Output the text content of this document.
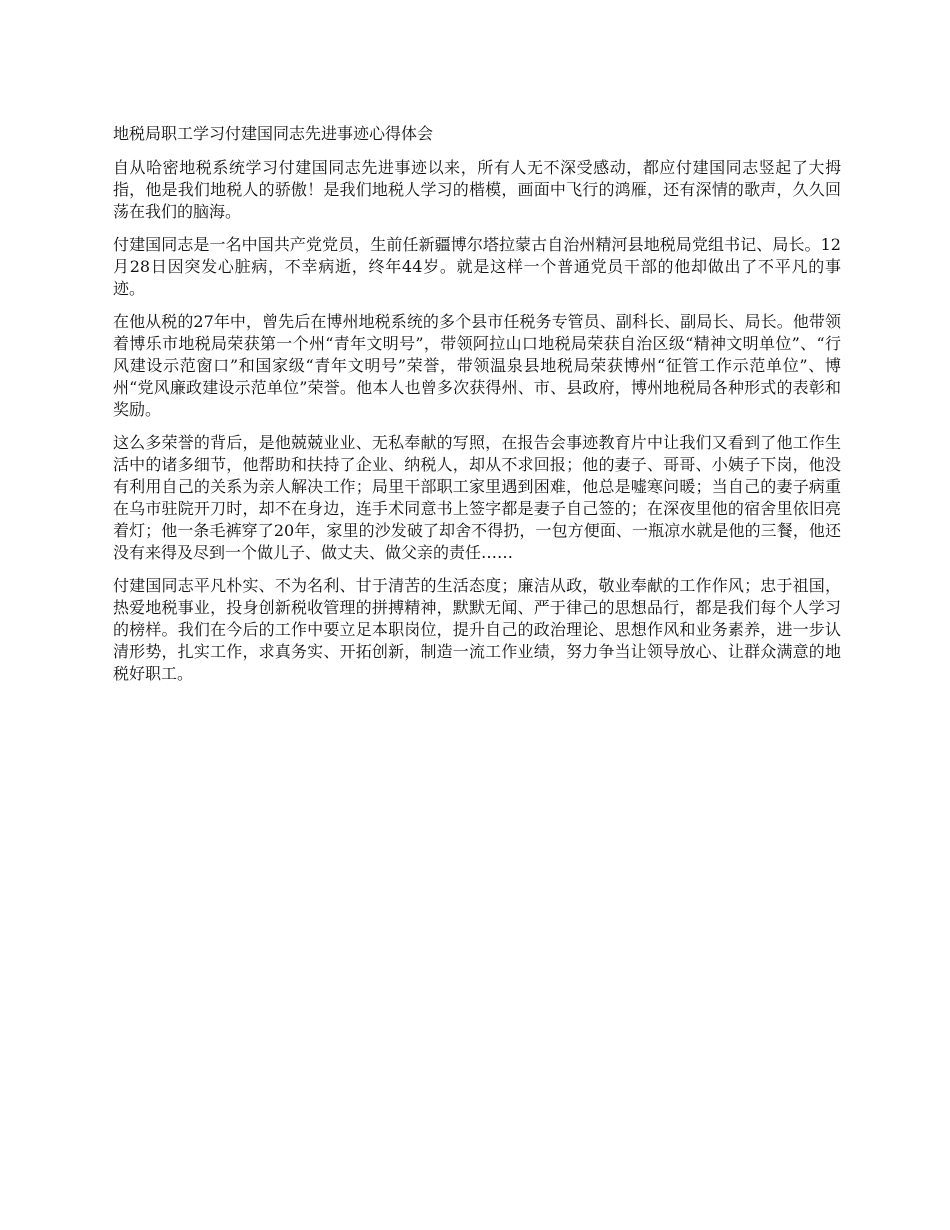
地税局职工学习付建国同志先进事迹心得体会

自从哈密地税系统学习付建国同志先进事迹以来，所有人无不深受感动，都应付建国同志竖起了大拇指，他是我们地税人的骄傲！是我们地税人学习的楷模，画面中飞行的鸿雁，还有深情的歌声，久久回荡在我们的脑海。

付建国同志是一名中国共产党党员，生前任新疆博尔塔拉蒙古自治州精河县地税局党组书记、局长。12月28日因突发心脏病，不幸病逝，终年44岁。就是这样一个普通党员干部的他却做出了不平凡的事迹。

在他从税的27年中，曾先后在博州地税系统的多个县市任税务专管员、副科长、副局长、局长。他带领着博乐市地税局荣获第一个州“青年文明号”，带领阿拉山口地税局荣获自治区级“精神文明单位”、“行风建设示范窗口”和国家级“青年文明号”荣誉，带领温泉县地税局荣获博州“征管工作示范单位”、博州“党风廉政建设示范单位”荣誉。他本人也曾多次获得州、市、县政府，博州地税局各种形式的表彰和奖励。

这么多荣誉的背后，是他兢兢业业、无私奉献的写照，在报告会事迹教育片中让我们又看到了他工作生活中的诸多细节，他帮助和扶持了企业、纳税人，却从不求回报；他的妻子、哥哥、小姨子下岗，他没有利用自己的关系为亲人解决工作；局里干部职工家里遇到困难，他总是嘘寒问暖；当自己的妻子病重在乌市驻院开刀时，却不在身边，连手术同意书上签字都是妻子自己签的；在深夜里他的宿舍里依旧亮着灯；他一条毛裤穿了20年，家里的沙发破了却舍不得扔，一包方便面、一瓶凉水就是他的三餐，他还没有来得及尽到一个做儿子、做丈夫、做父亲的责任……

付建国同志平凡朴实、不为名利、甘于清苦的生活态度；廉洁从政，敬业奉献的工作作风；忠于祖国，热爱地税事业，投身创新税收管理的拼搏精神，默默无闻、严于律己的思想品行，都是我们每个人学习的榜样。我们在今后的工作中要立足本职岗位，提升自己的政治理论、思想作风和业务素养，进一步认清形势，扎实工作，求真务实、开拓创新，制造一流工作业绩，努力争当让领导放心、让群众满意的地税好职工。
